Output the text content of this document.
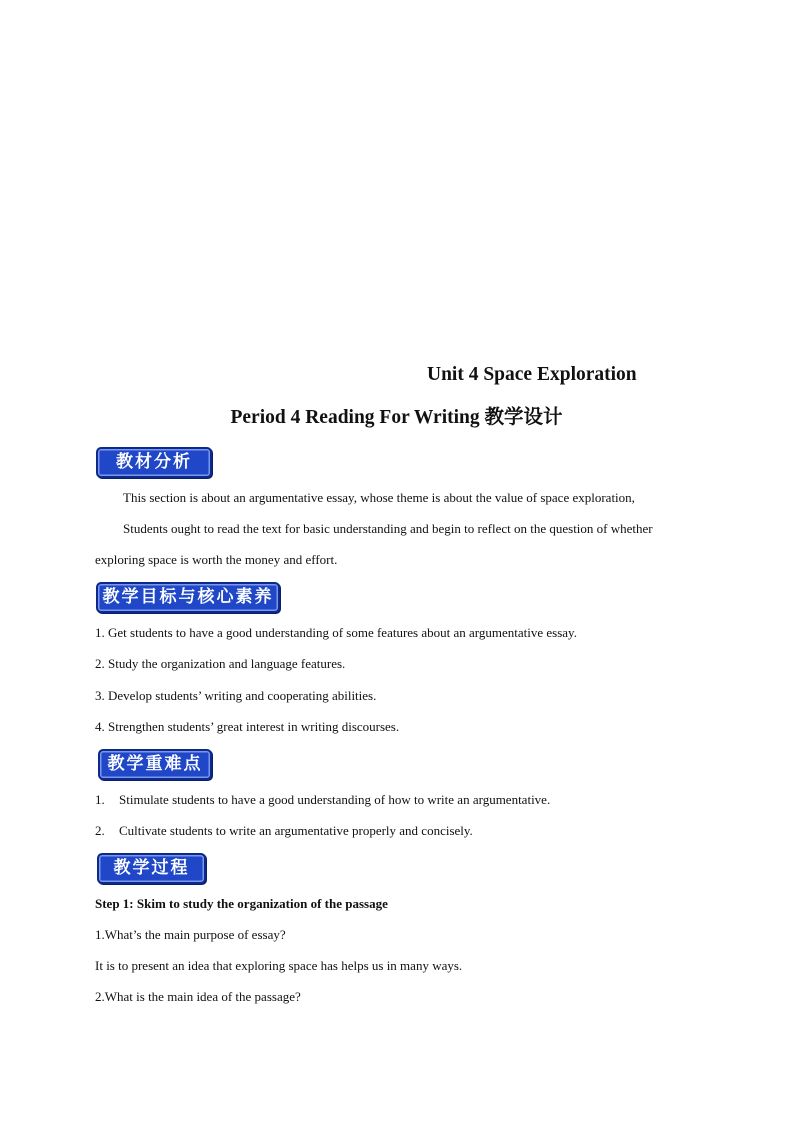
Unit 4 Space Exploration
Period 4 Reading For Writing 教学设计
教材分析
This section is about an argumentative essay, whose theme is about the value of space exploration,
Students ought to read the text for basic understanding and begin to reflect on the question of whether
exploring space is worth the money and effort.
教学目标与核心素养
1. Get students to have a good understanding of some features about an argumentative essay.
2. Study the organization and language features.
3. Develop students’ writing and cooperating abilities.
4. Strengthen students’ great interest in writing discourses.
教学重难点
1. Stimulate students to have a good understanding of how to write an argumentative.
2. Cultivate students to write an argumentative properly and concisely.
教学过程
Step 1: Skim to study the organization of the passage
1.What’s the main purpose of essay?
It is to present an idea that exploring space has helps us in many ways.
2.What is the main idea of the passage?
